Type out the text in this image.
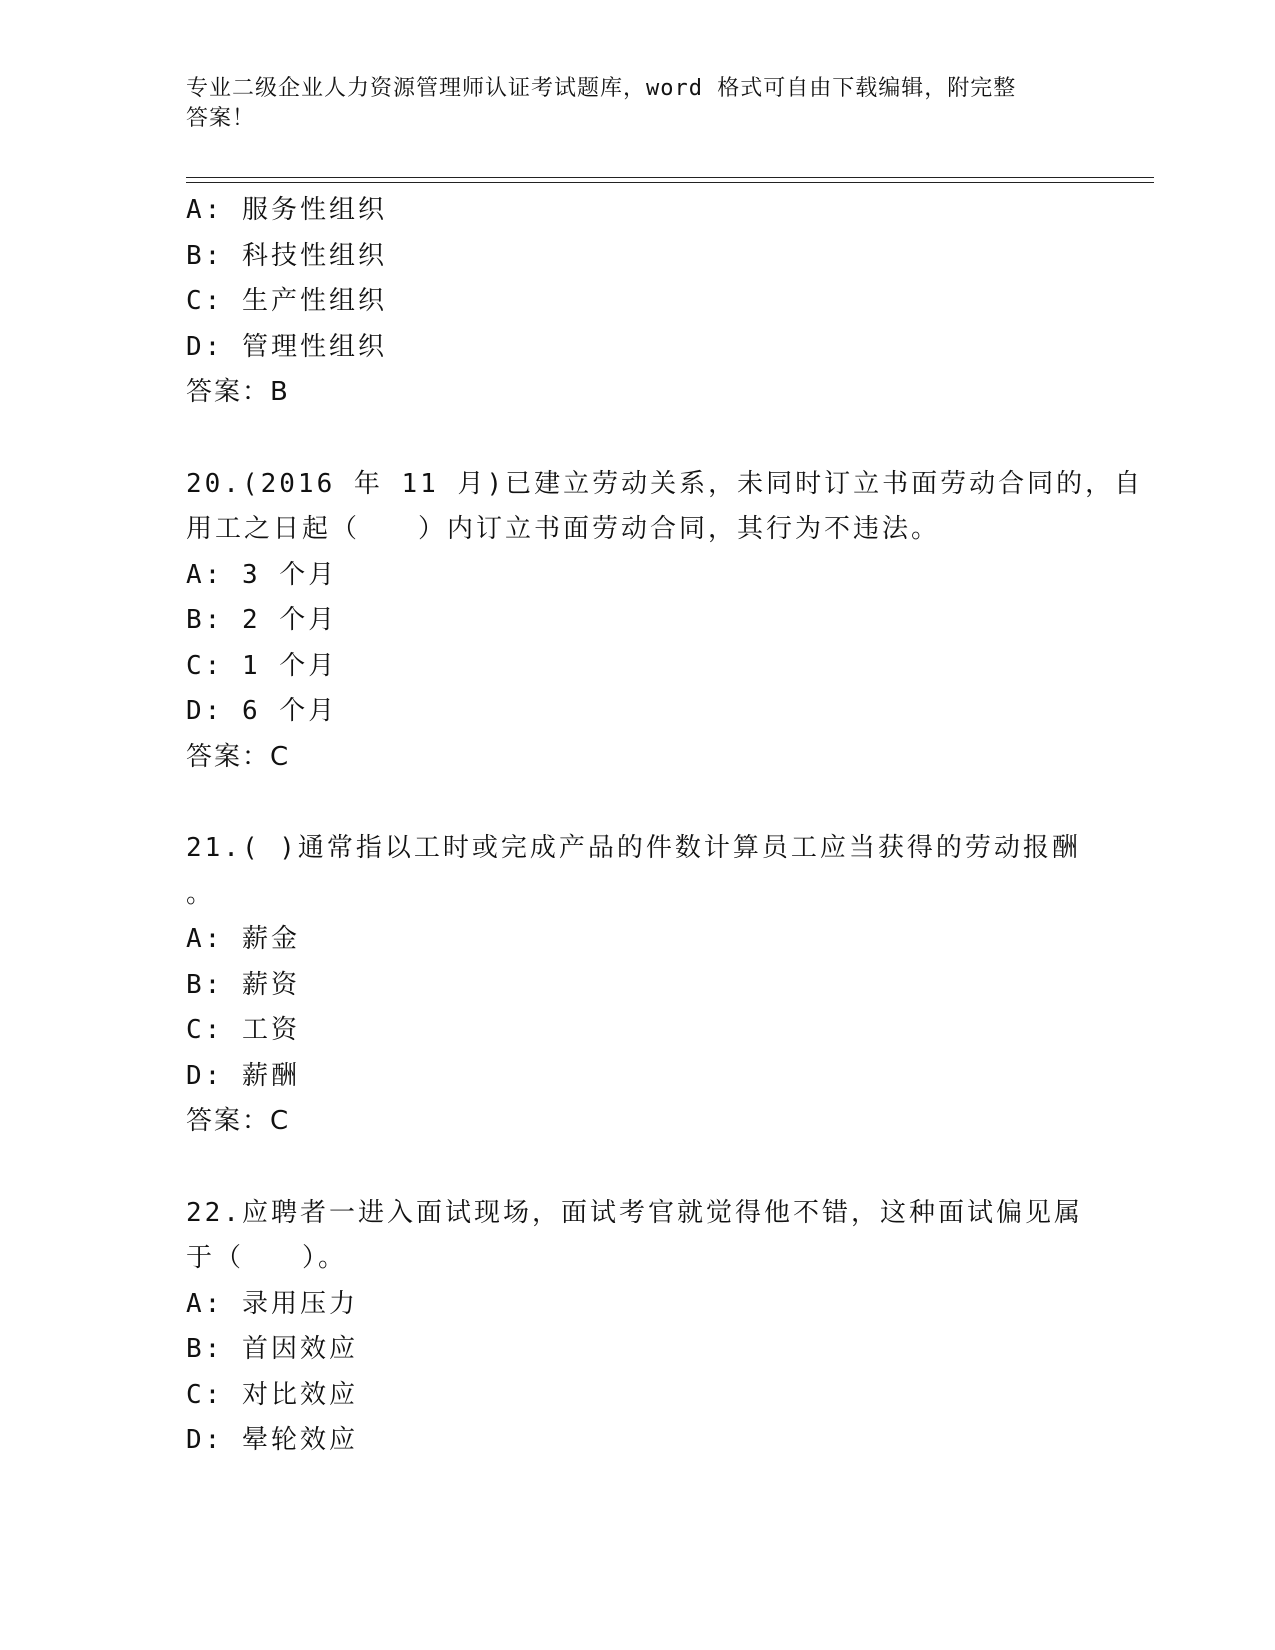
专业二级企业人力资源管理师认证考试题库，word 格式可自由下载编辑，附完整
答案！
A: 服务性组织
B: 科技性组织
C: 生产性组织
D: 管理性组织
答案：B
20.(2016 年 11 月)已建立劳动关系，未同时订立书面劳动合同的，自
用工之日起（　　）内订立书面劳动合同，其行为不违法。
A: 3 个月
B: 2 个月
C: 1 个月
D: 6 个月
答案：C
21.( )通常指以工时或完成产品的件数计算员工应当获得的劳动报酬
。
A: 薪金
B: 薪资
C: 工资
D: 薪酬
答案：C
22.应聘者一进入面试现场，面试考官就觉得他不错，这种面试偏见属
于（　　）。
A: 录用压力
B: 首因效应
C: 对比效应
D: 晕轮效应
